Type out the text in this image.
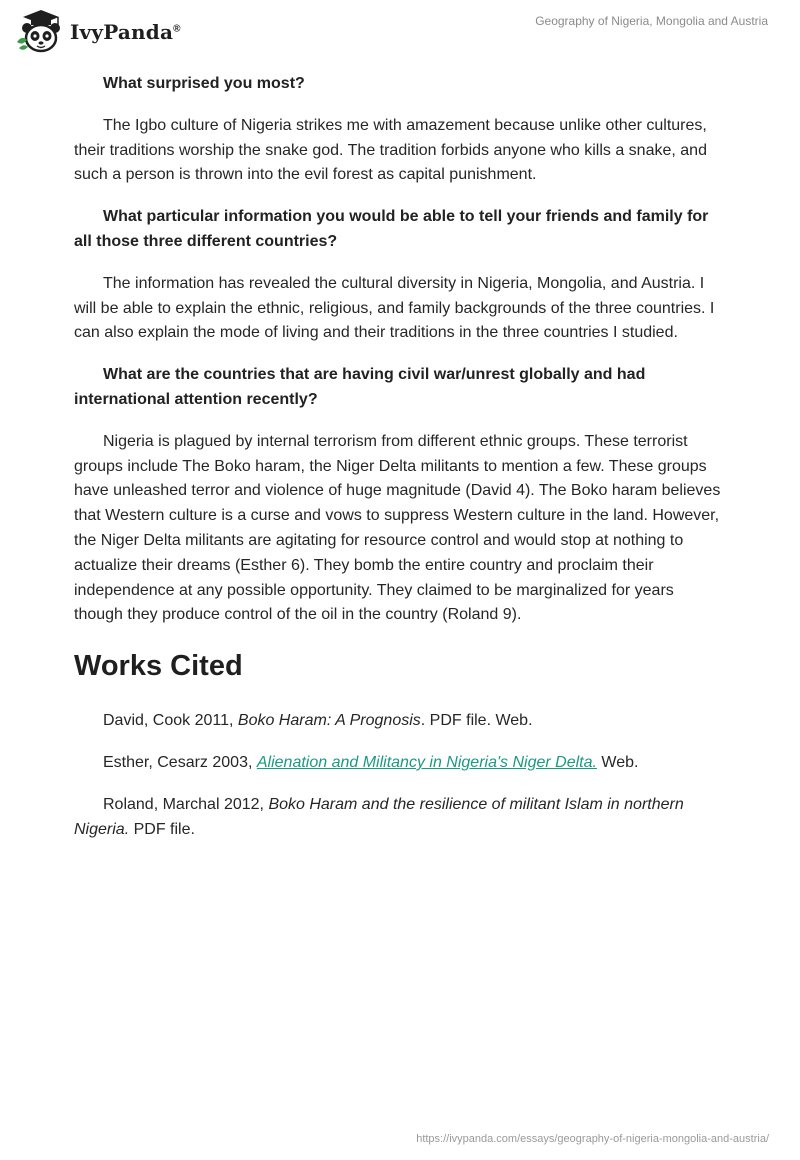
IvyPanda®
Geography of Nigeria, Mongolia and Austria

What surprised you most?

The Igbo culture of Nigeria strikes me with amazement because unlike other cultures, their traditions worship the snake god. The tradition forbids anyone who kills a snake, and such a person is thrown into the evil forest as capital punishment.

What particular information you would be able to tell your friends and family for all those three different countries?

The information has revealed the cultural diversity in Nigeria, Mongolia, and Austria. I will be able to explain the ethnic, religious, and family backgrounds of the three countries. I can also explain the mode of living and their traditions in the three countries I studied.

What are the countries that are having civil war/unrest globally and had international attention recently?

Nigeria is plagued by internal terrorism from different ethnic groups. These terrorist groups include The Boko haram, the Niger Delta militants to mention a few. These groups have unleashed terror and violence of huge magnitude (David 4). The Boko haram believes that Western culture is a curse and vows to suppress Western culture in the land. However, the Niger Delta militants are agitating for resource control and would stop at nothing to actualize their dreams (Esther 6). They bomb the entire country and proclaim their independence at any possible opportunity. They claimed to be marginalized for years though they produce control of the oil in the country (Roland 9).

Works Cited

David, Cook 2011, Boko Haram: A Prognosis. PDF file. Web.

Esther, Cesarz 2003, Alienation and Militancy in Nigeria's Niger Delta. Web.

Roland, Marchal 2012, Boko Haram and the resilience of militant Islam in northern Nigeria. PDF file.

https://ivypanda.com/essays/geography-of-nigeria-mongolia-and-austria/
